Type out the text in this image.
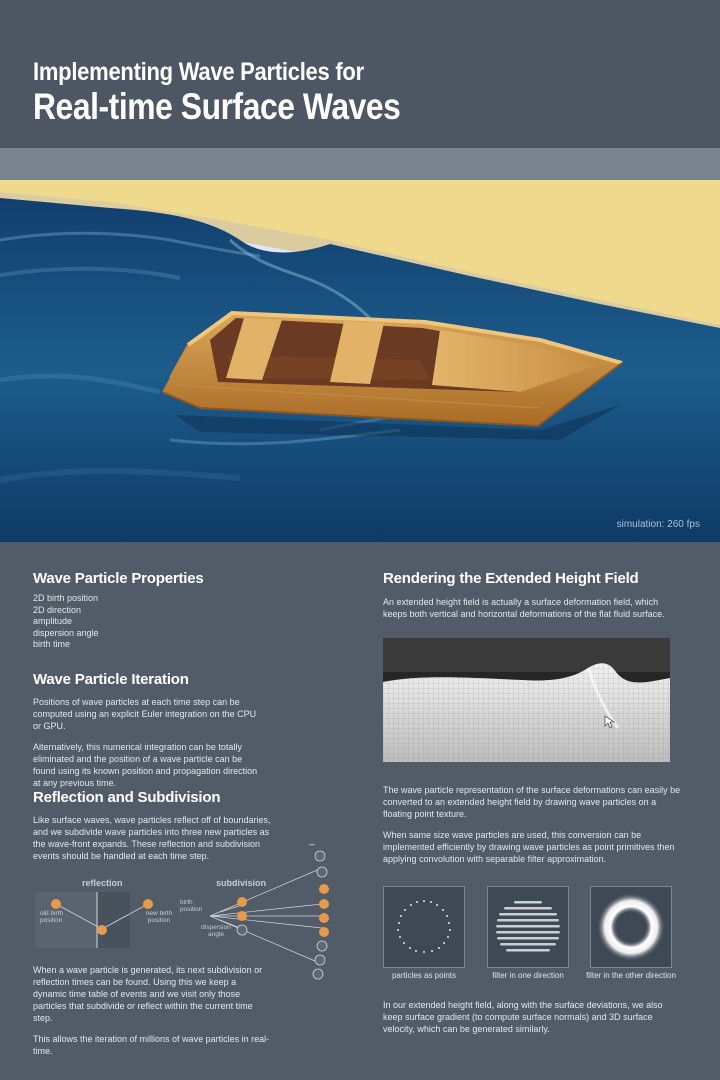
Implementing Wave Particles for
Real-time Surface Waves
simulation: 260 fps
Wave Particle Properties
2D birth position
2D direction
amplitude
dispersion angle
birth time
Wave Particle Iteration

Positions of wave particles at each time step can be computed using an explicit Euler integration on the CPU or GPU.

Alternatively, this numerical integration can be totally eliminated and the position of a wave particle can be found using its known position and propagation direction at any previous time.

Reflection and Subdivision

Like surface waves, wave particles reflect off of boundaries, and we subdivide wave particles into three new particles as the wave-front expands. These reflection and subdivision events should be handled at each time step.

reflection	subdivision
old birth position
new birth position
birth position
dispersion angle

When a wave particle is generated, its next subdivision or reflection times can be found. Using this we keep a dynamic time table of events and we visit only those particles that subdivide or reflect within the current time step.

This allows the iteration of millions of wave particles in real-time.

Rendering the Extended Height Field

An extended height field is actually a surface deformation field, which keeps both vertical and horizontal deformations of the flat fluid surface.

The wave particle representation of the surface deformations can easily be converted to an extended height field by drawing wave particles on a floating point texture.

When same size wave particles are used, this conversion can be implemented efficiently by drawing wave particles as point primitives then applying convolution with separable filter approximation.

particles as points	filter in one direction	filter in the other direction

In our extended height field, along with the surface deviations, we also keep surface gradient (to compute surface normals) and 3D surface velocity, which can be generated similarly.
